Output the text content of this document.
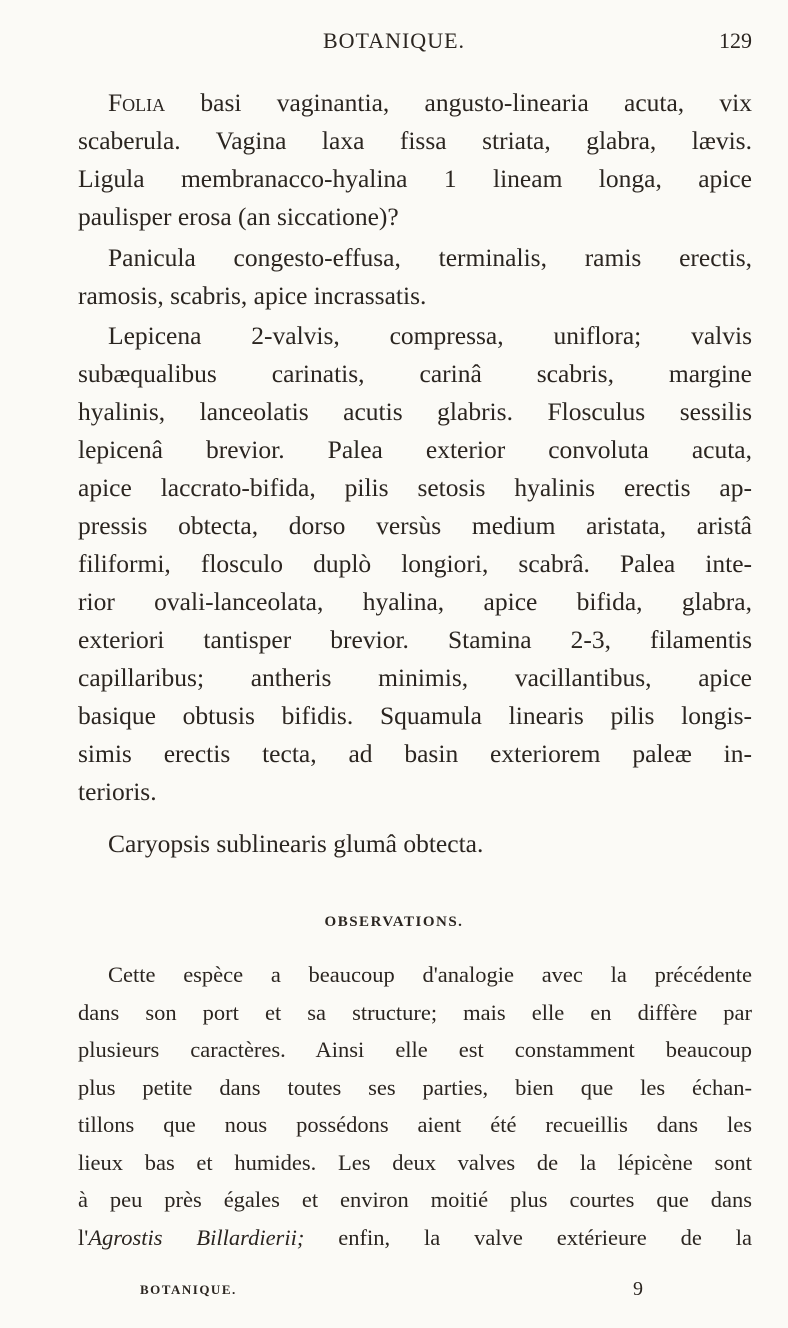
BOTANIQUE.	129
Folia basi vaginantia, angusto-linearia acuta, vix
scaberula. Vagina laxa fissa striata, glabra, lævis.
Ligula membranacco-hyalina 1 lineam longa, apice
paulisper erosa (an siccatione)?
Panicula congesto-effusa, terminalis, ramis erectis,
ramosis, scabris, apice incrassatis.
Lepicena 2-valvis, compressa, uniflora; valvis
subæqualibus carinatis, carinâ scabris, margine
hyalinis, lanceolatis acutis glabris. Flosculus sessilis
lepicenâ brevior. Palea exterior convoluta acuta,
apice laccrato-bifida, pilis setosis hyalinis erectis ap-
pressis obtecta, dorso versùs medium aristata, aristâ
filiformi, flosculo duplò longiori, scabrâ. Palea inte-
rior ovali-lanceolata, hyalina, apice bifida, glabra,
exteriori tantisper brevior. Stamina 2-3, filamentis
capillaribus; antheris minimis, vacillantibus, apice
basique obtusis bifidis. Squamula linearis pilis longis-
simis erectis tecta, ad basin exteriorem paleæ in-
terioris.
Caryopsis sublinearis glumâ obtecta.
OBSERVATIONS.
Cette espèce a beaucoup d'analogie avec la précédente
dans son port et sa structure; mais elle en diffère par
plusieurs caractères. Ainsi elle est constamment beaucoup
plus petite dans toutes ses parties, bien que les échan-
tillons que nous possédons aient été recueillis dans les
lieux bas et humides. Les deux valves de la lépicène sont
à peu près égales et environ moitié plus courtes que dans
l'Agrostis Billardierii; enfin, la valve extérieure de la
BOTANIQUE.	9
